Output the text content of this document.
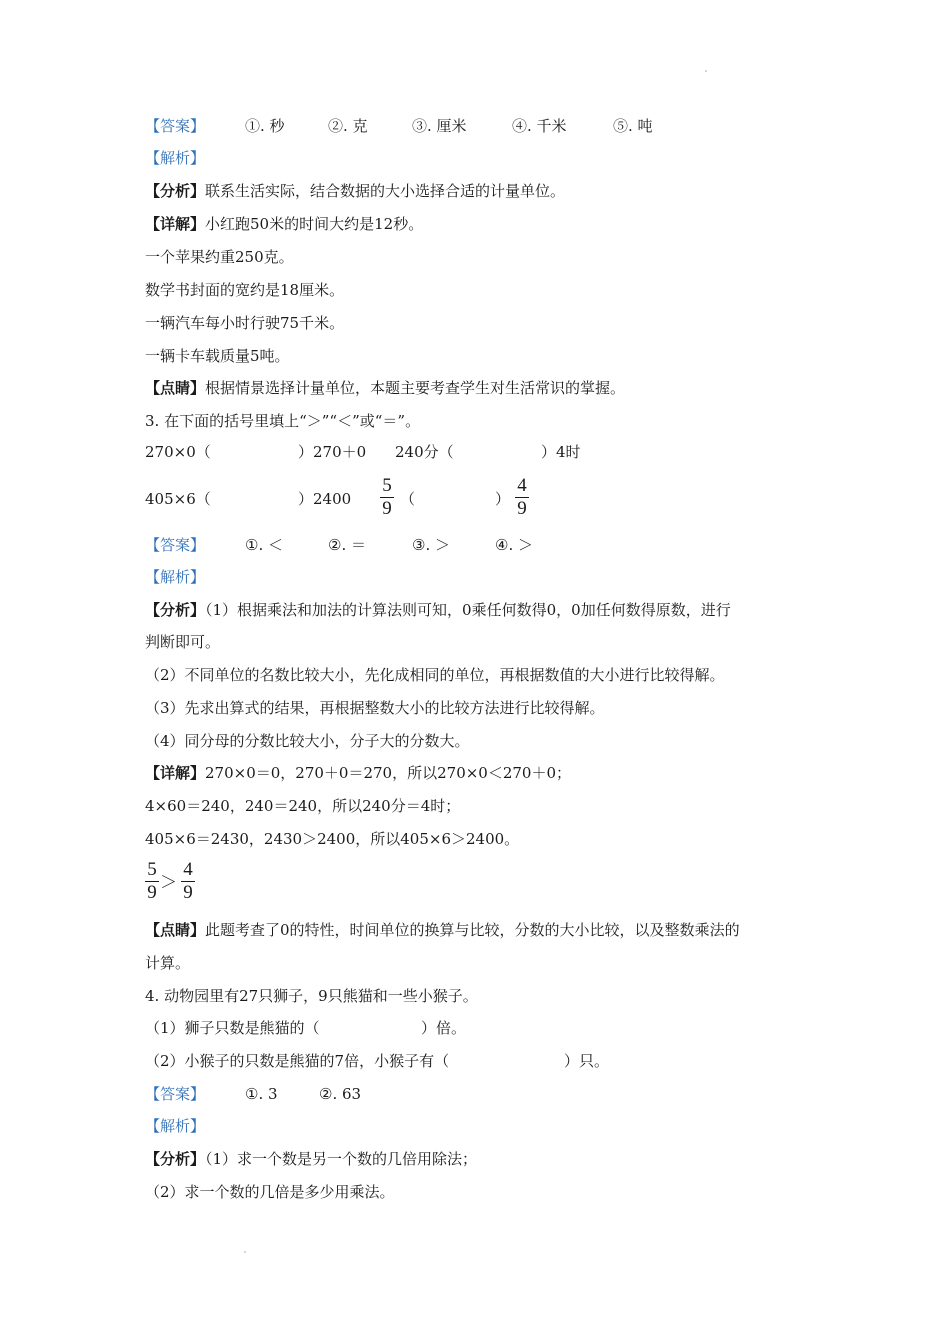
【答案】	①. 秒	②. 克	③. 厘米	④. 千米	⑤. 吨
【解析】
【分析】联系生活实际，结合数据的大小选择合适的计量单位。
【详解】小红跑50米的时间大约是12秒。
一个苹果约重250克。
数学书封面的宽约是18厘米。
一辆汽车每小时行驶75千米。
一辆卡车载质量5吨。
【点睛】根据情景选择计量单位，本题主要考查学生对生活常识的掌握。
3. 在下面的括号里填上“＞”“＜”或“＝”。
270×0（	）270＋0 240分（	）4时
405×6（	）2400
5
9 （	）
4
9
【答案】	①. ＜	②. ＝	③. ＞	④. ＞
【解析】
【分析】（1）根据乘法和加法的计算法则可知，0乘任何数得0，0加任何数得原数，进行
判断即可。
（2）不同单位的名数比较大小，先化成相同的单位，再根据数值的大小进行比较得解。
（3）先求出算式的结果，再根据整数大小的比较方法进行比较得解。
（4）同分母的分数比较大小，分子大的分数大。
【详解】270×0＝0，270＋0＝270，所以270×0＜270＋0；
4×60＝240，240＝240，所以240分＝4时；
405×6＝2430，2430＞2400，所以405×6＞2400。
5
9 ＞
4
9
【点睛】此题考查了0的特性，时间单位的换算与比较，分数的大小比较，以及整数乘法的
计算。
4. 动物园里有27只狮子，9只熊猫和一些小猴子。
（1）狮子只数是熊猫的（	）倍。
（2）小猴子的只数是熊猫的7倍，小猴子有（	）只。
【答案】	①. 3	②. 63
【解析】
【分析】（1）求一个数是另一个数的几倍用除法；
（2）求一个数的几倍是多少用乘法。
